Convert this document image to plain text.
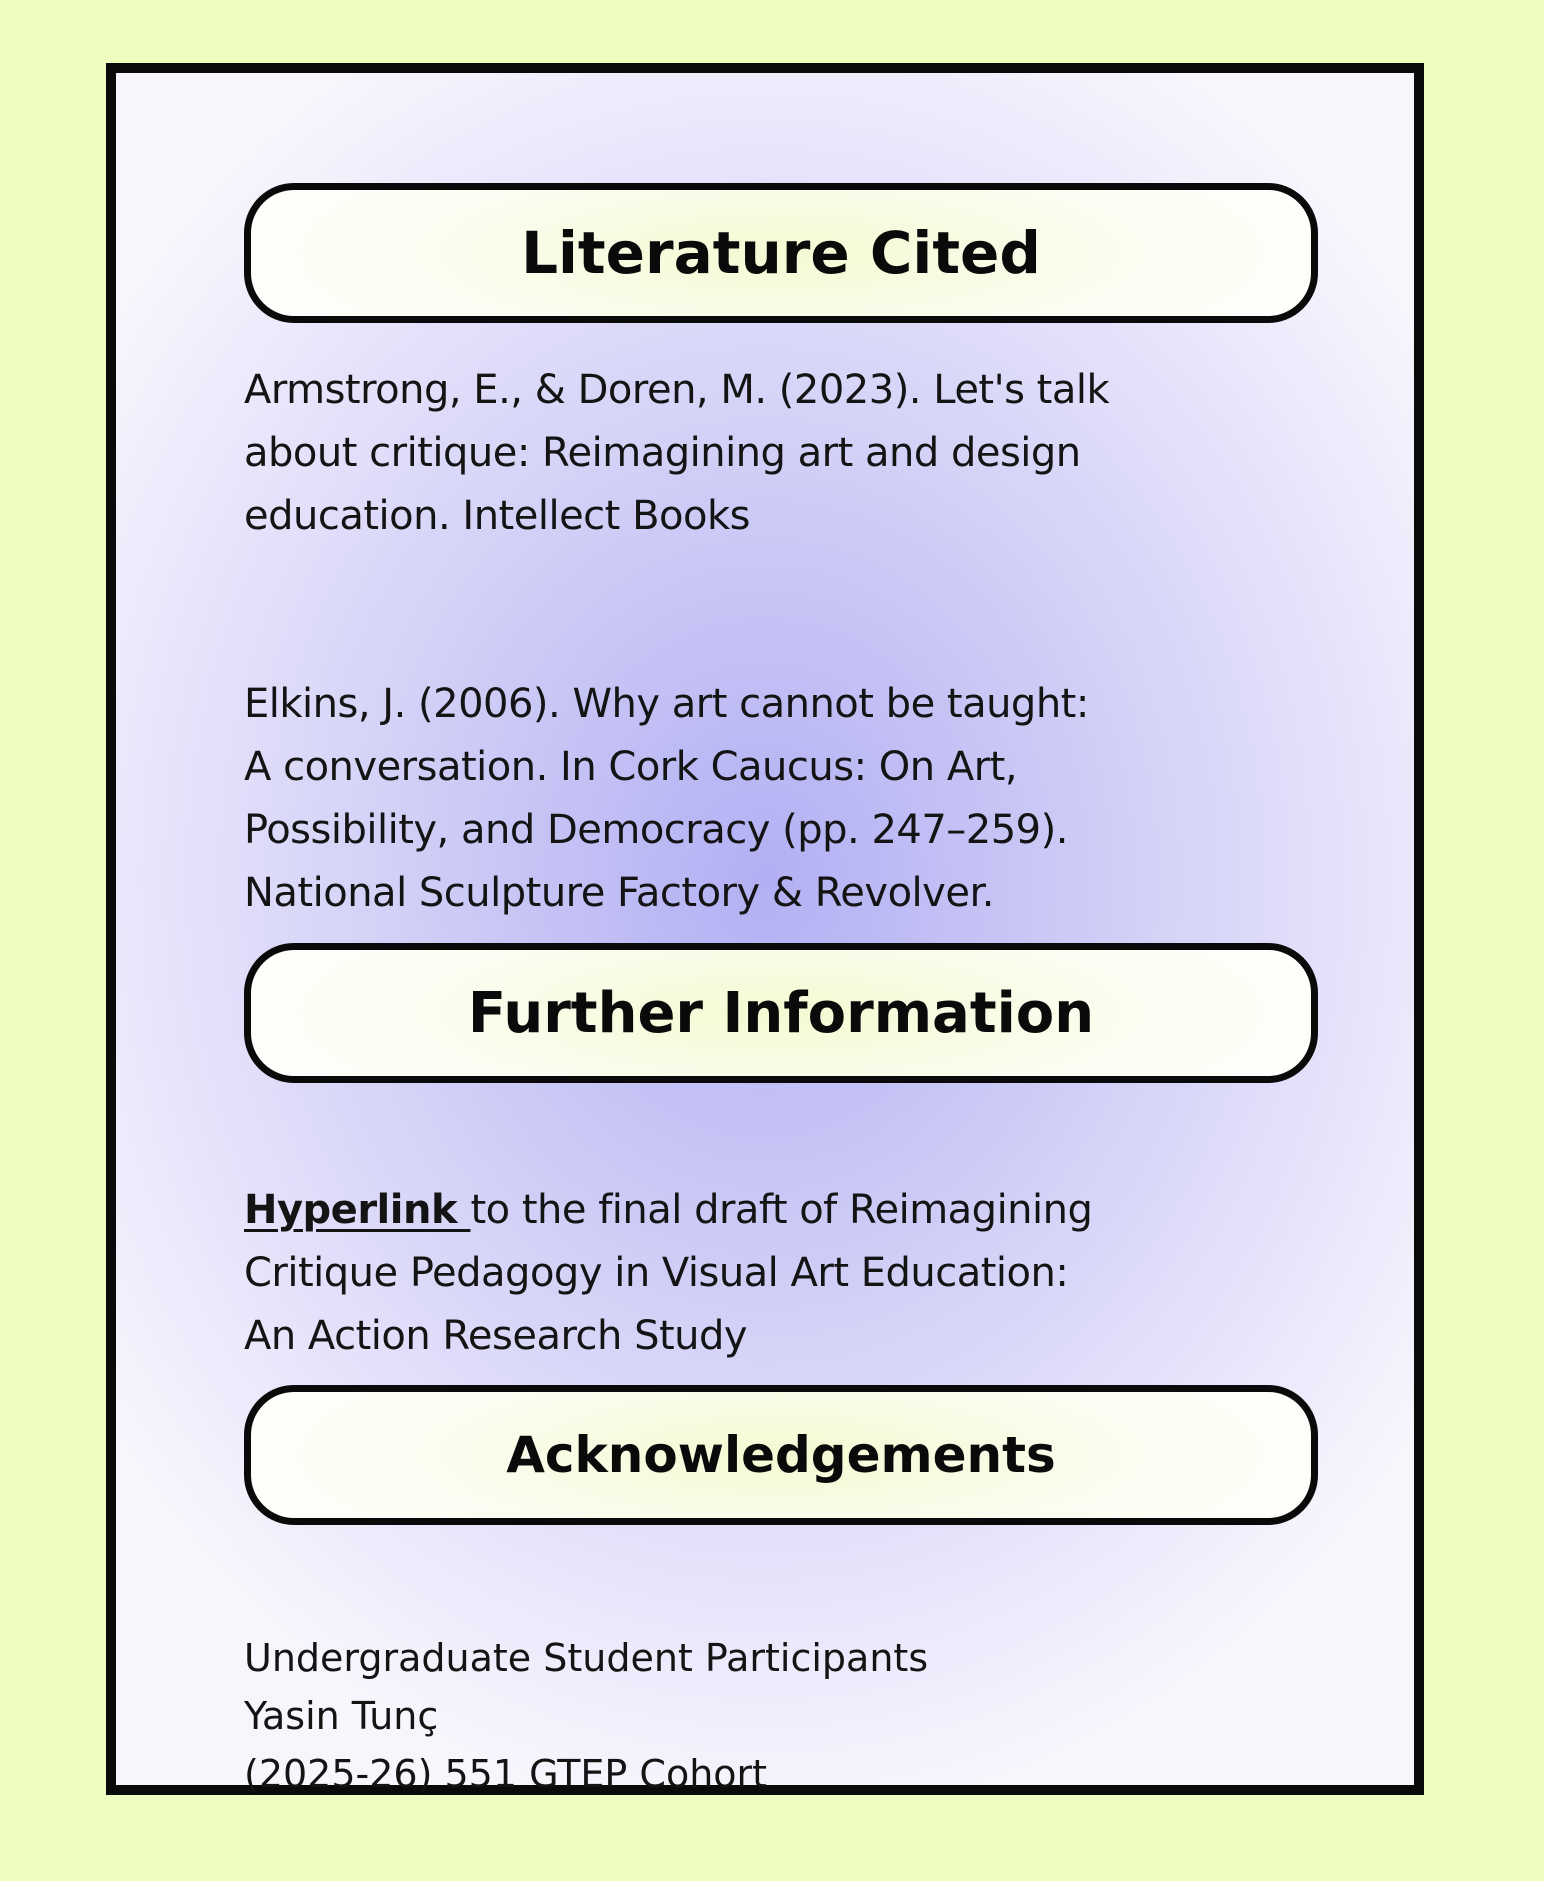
Literature Cited

Armstrong, E., & Doren, M. (2023). Let's talk

about critique: Reimagining art and design

education. Intellect Books

Elkins, J. (2006). Why art cannot be taught:

A conversation. In Cork Caucus: On Art,

Possibility, and Democracy (pp. 247–259).

National Sculpture Factory & Revolver.

Further Information

Hyperlink to the final draft of Reimagining

Critique Pedagogy in Visual Art Education:

An Action Research Study

Acknowledgements

Undergraduate Student Participants

Yasin Tunç

(2025-26) 551 GTEP Cohort
